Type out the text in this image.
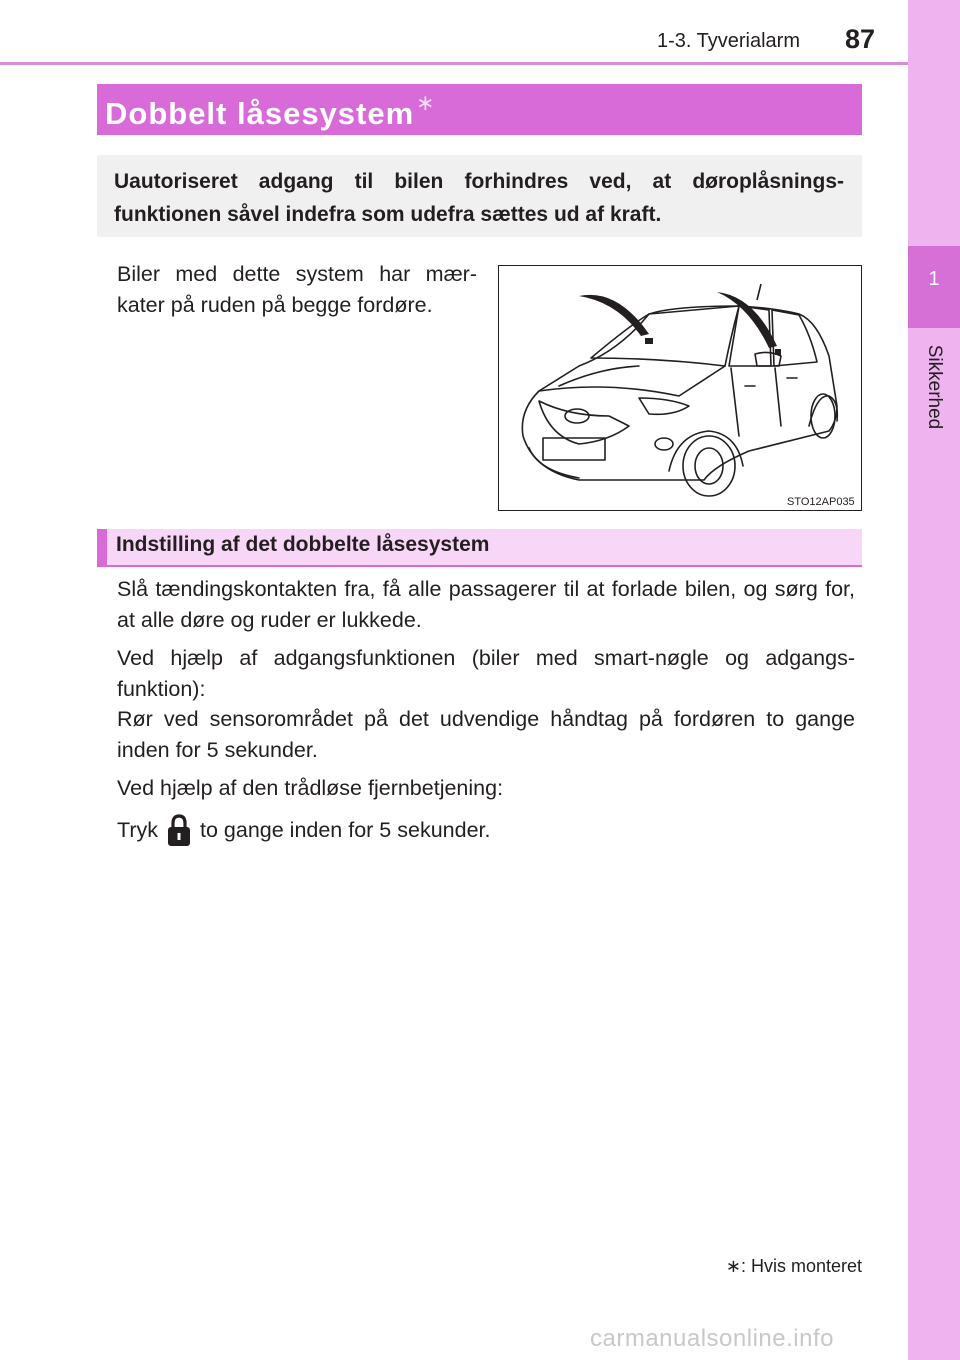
1-3. Tyverialarm	87
1
Sikkerhed
Dobbelt låsesystem∗
Uautoriseret adgang til bilen forhindres ved, at døroplåsnings-funktionen såvel indefra som udefra sættes ud af kraft.
Biler med dette system har mær-kater på ruden på begge fordøre.
STO12AP035
Indstilling af det dobbelte låsesystem
Slå tændingskontakten fra, få alle passagerer til at forlade bilen, og sørg for, at alle døre og ruder er lukkede.
Ved hjælp af adgangsfunktionen (biler med smart-nøgle og adgangs-funktion):
Rør ved sensorområdet på det udvendige håndtag på fordøren to gange inden for 5 sekunder.
Ved hjælp af den trådløse fjernbetjening:
Tryk to gange inden for 5 sekunder.
∗: Hvis monteret
carmanualsonline.info
